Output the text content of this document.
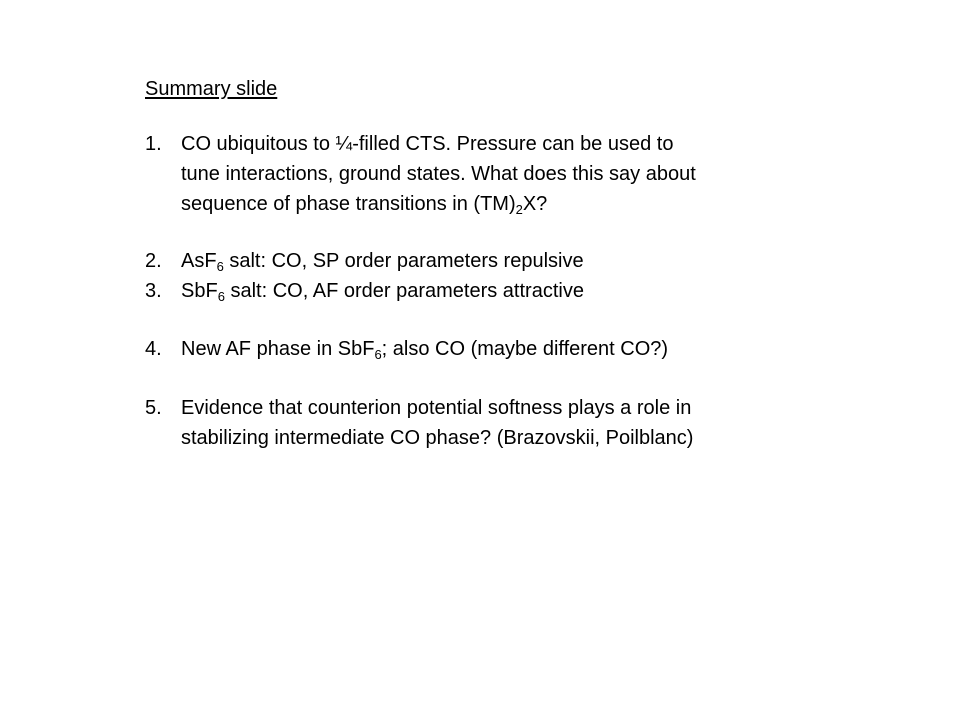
Summary slide
1. CO ubiquitous to ¼-filled CTS. Pressure can be used to
tune interactions, ground states. What does this say about
sequence of phase transitions in $(TM)_2X$?
2. AsF$_6$ salt: CO, SP order parameters repulsive
3. SbF$_6$ salt: CO, AF order parameters attractive
4. New AF phase in SbF$_6$; also CO (maybe different CO?)
5. Evidence that counterion potential softness plays a role in
stabilizing intermediate CO phase? (Brazovskii, Poilblanc)
